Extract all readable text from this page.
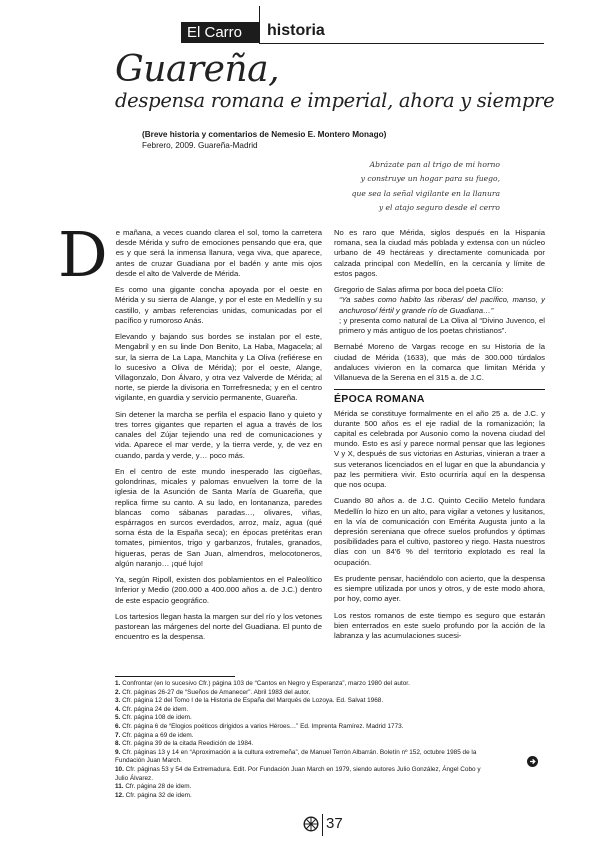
El Carro historia
Guareña,
despensa romana e imperial, ahora y siempre
(Breve historia y comentarios de Nemesio E. Montero Monago)
Febrero, 2009. Guareña-Madrid
Abrázate pan al trigo de mi horno
y construye un hogar para su fuego,
que sea la señal vigilante en la llanura
y el atajo seguro desde el cerro
D	e mañana, a veces cuando clarea el sol, tomo la carretera desde Mérida y sufro de emociones pensando que era, que es y que será la inmensa llanura, vega viva, que aparece, antes de cruzar Guadiana por el badén y ante mis ojos desde el alto de Valverde de Mérida.

Es como una gigante concha apoyada por el oeste en Mérida y su sierra de Alange, y por el este en Medellín y su castillo, y ambas referencias unidas, comunicadas por el pacífico y rumoroso Anás.

Elevando y bajando sus bordes se instalan por el este, Mengabril y en su linde Don Benito, La Haba, Magacela; al sur, la sierra de La Lapa, Manchita y La Oliva (refiérese en lo sucesivo a Oliva de Mérida); por el oeste, Alange, Villagonzalo, Don Álvaro, y otra vez Valverde de Mérida; al norte, se pierde la divisoria en Torrefresneda; y en el centro vigilante, en guardia y servicio permanente, Guareña.

Sin detener la marcha se perfila el espacio llano y quieto y tres torres gigantes que reparten el agua a través de los canales del Zújar tejiendo una red de comunicaciones y vida. Aparece el mar verde, y la tierra verde, y, de vez en cuando, parda y verde, y… poco más.

En el centro de este mundo inesperado las cigüeñas, golondrinas, micales y palomas envuelven la torre de la iglesia de la Asunción de Santa María de Guareña, que replica firme su canto. A su lado, en lontananza, paredes blancas como sábanas paradas…, olivares, viñas, espárragos en surcos everdados, arroz, maíz, agua (qué sorna ésta de la España seca); en épocas pretéritas eran tomates, pimientos, trigo y garbanzos, frutales, granados, higueras, peras de San Juan, almendros, melocotoneros, algún naranjo… ¡qué lujo!

Ya, según Ripoll, existen dos poblamientos en el Paleolítico Inferior y Medio (200.000 a 400.000 años a. de J.C.) dentro de este espacio geográfico.

Los tartesios llegan hasta la margen sur del río y los vetones pastorean las márgenes del norte del Guadiana. El punto de encuentro es la despensa.

No es raro que Mérida, siglos después en la Hispania romana, sea la ciudad más poblada y extensa con un núcleo urbano de 49 hectáreas y directamente comunicada por calzada principal con Medellín, en la cercanía y límite de estos pagos.

Gregorio de Salas afirma por boca del poeta Clío:

“Ya sabes como habito las riberas/ del pacífico, manso, y anchuroso/ fértil y grande río de Guadiana…”

; y presenta como natural de La Oliva al “Divino Juvenco, el primero y más antiguo de los poetas christianos”.

Bernabé Moreno de Vargas recoge en su Historia de la ciudad de Mérida (1633), que más de 300.000 túrdalos andaluces vivieron en la comarca que limitan Mérida y Villanueva de la Serena en el 315 a. de J.C.

ÉPOCA ROMANA

Mérida se constituye formalmente en el año 25 a. de J.C. y durante 500 años es el eje radial de la romanización; la capital es celebrada por Ausonio como la novena ciudad del mundo. Esto es así y parece normal pensar que las legiones V y X, después de sus victorias en Asturias, vinieran a traer a sus veteranos licenciados en el lugar en que la abundancia y paz les permitiera vivir. Esto ocurriría aquí en la despensa que nos ocupa.

Cuando 80 años a. de J.C. Quinto Cecilio Metelo fundara Medellín lo hizo en un alto, para vigilar a vetones y lusitanos, en la vía de comunicación con Emérita Augusta junto a la depresión sereniana que ofrece suelos profundos y óptimas posibilidades para el cultivo, pastoreo y riego. Hasta nuestros días con un 84'6 % del territorio explotado es real la ocupación.

Es prudente pensar, haciéndolo con acierto, que la despensa es siempre utilizada por unos y otros, y de este modo ahora, por hoy, como ayer.

Los restos romanos de este tiempo es seguro que estarán bien enterrados en este suelo profundo por la acción de la labranza y las acumulaciones sucesi-

1. Confrontar (en lo sucesivo Cfr.) página 103 de “Cantos en Negro y Esperanza”, marzo 1980 del autor.
2. Cfr. páginas 26-27 de “Sueños de Amanecer”. Abril 1983 del autor.
3. Cfr. página 12 del Tomo I de la Historia de España del Marqués de Lozoya. Ed. Salvat 1968.
4. Cfr. página 24 de idem.
5. Cfr. página 108 de idem.
6. Cfr. página 6 de “Elogios poéticos dirigidos a varios Héroes…” Ed. Imprenta Ramírez. Madrid 1773.
7. Cfr. página a 69 de idem.
8. Cfr. página 39 de la citada Reedición de 1984.
9. Cfr. páginas 13 y 14 en “Aproximación a la cultura extremeña”, de Manuel Terrón Albarrán. Boletín nº 152, octubre 1985 de la
Fundación Juan March.
10. Cfr. páginas 53 y 54 de Extremadura. Edit. Por Fundación Juan March en 1979, siendo autores Julio González, Ángel Cobo y
Julio Álvarez.
11. Cfr. página 28 de idem.
12. Cfr. página 32 de idem.
37
